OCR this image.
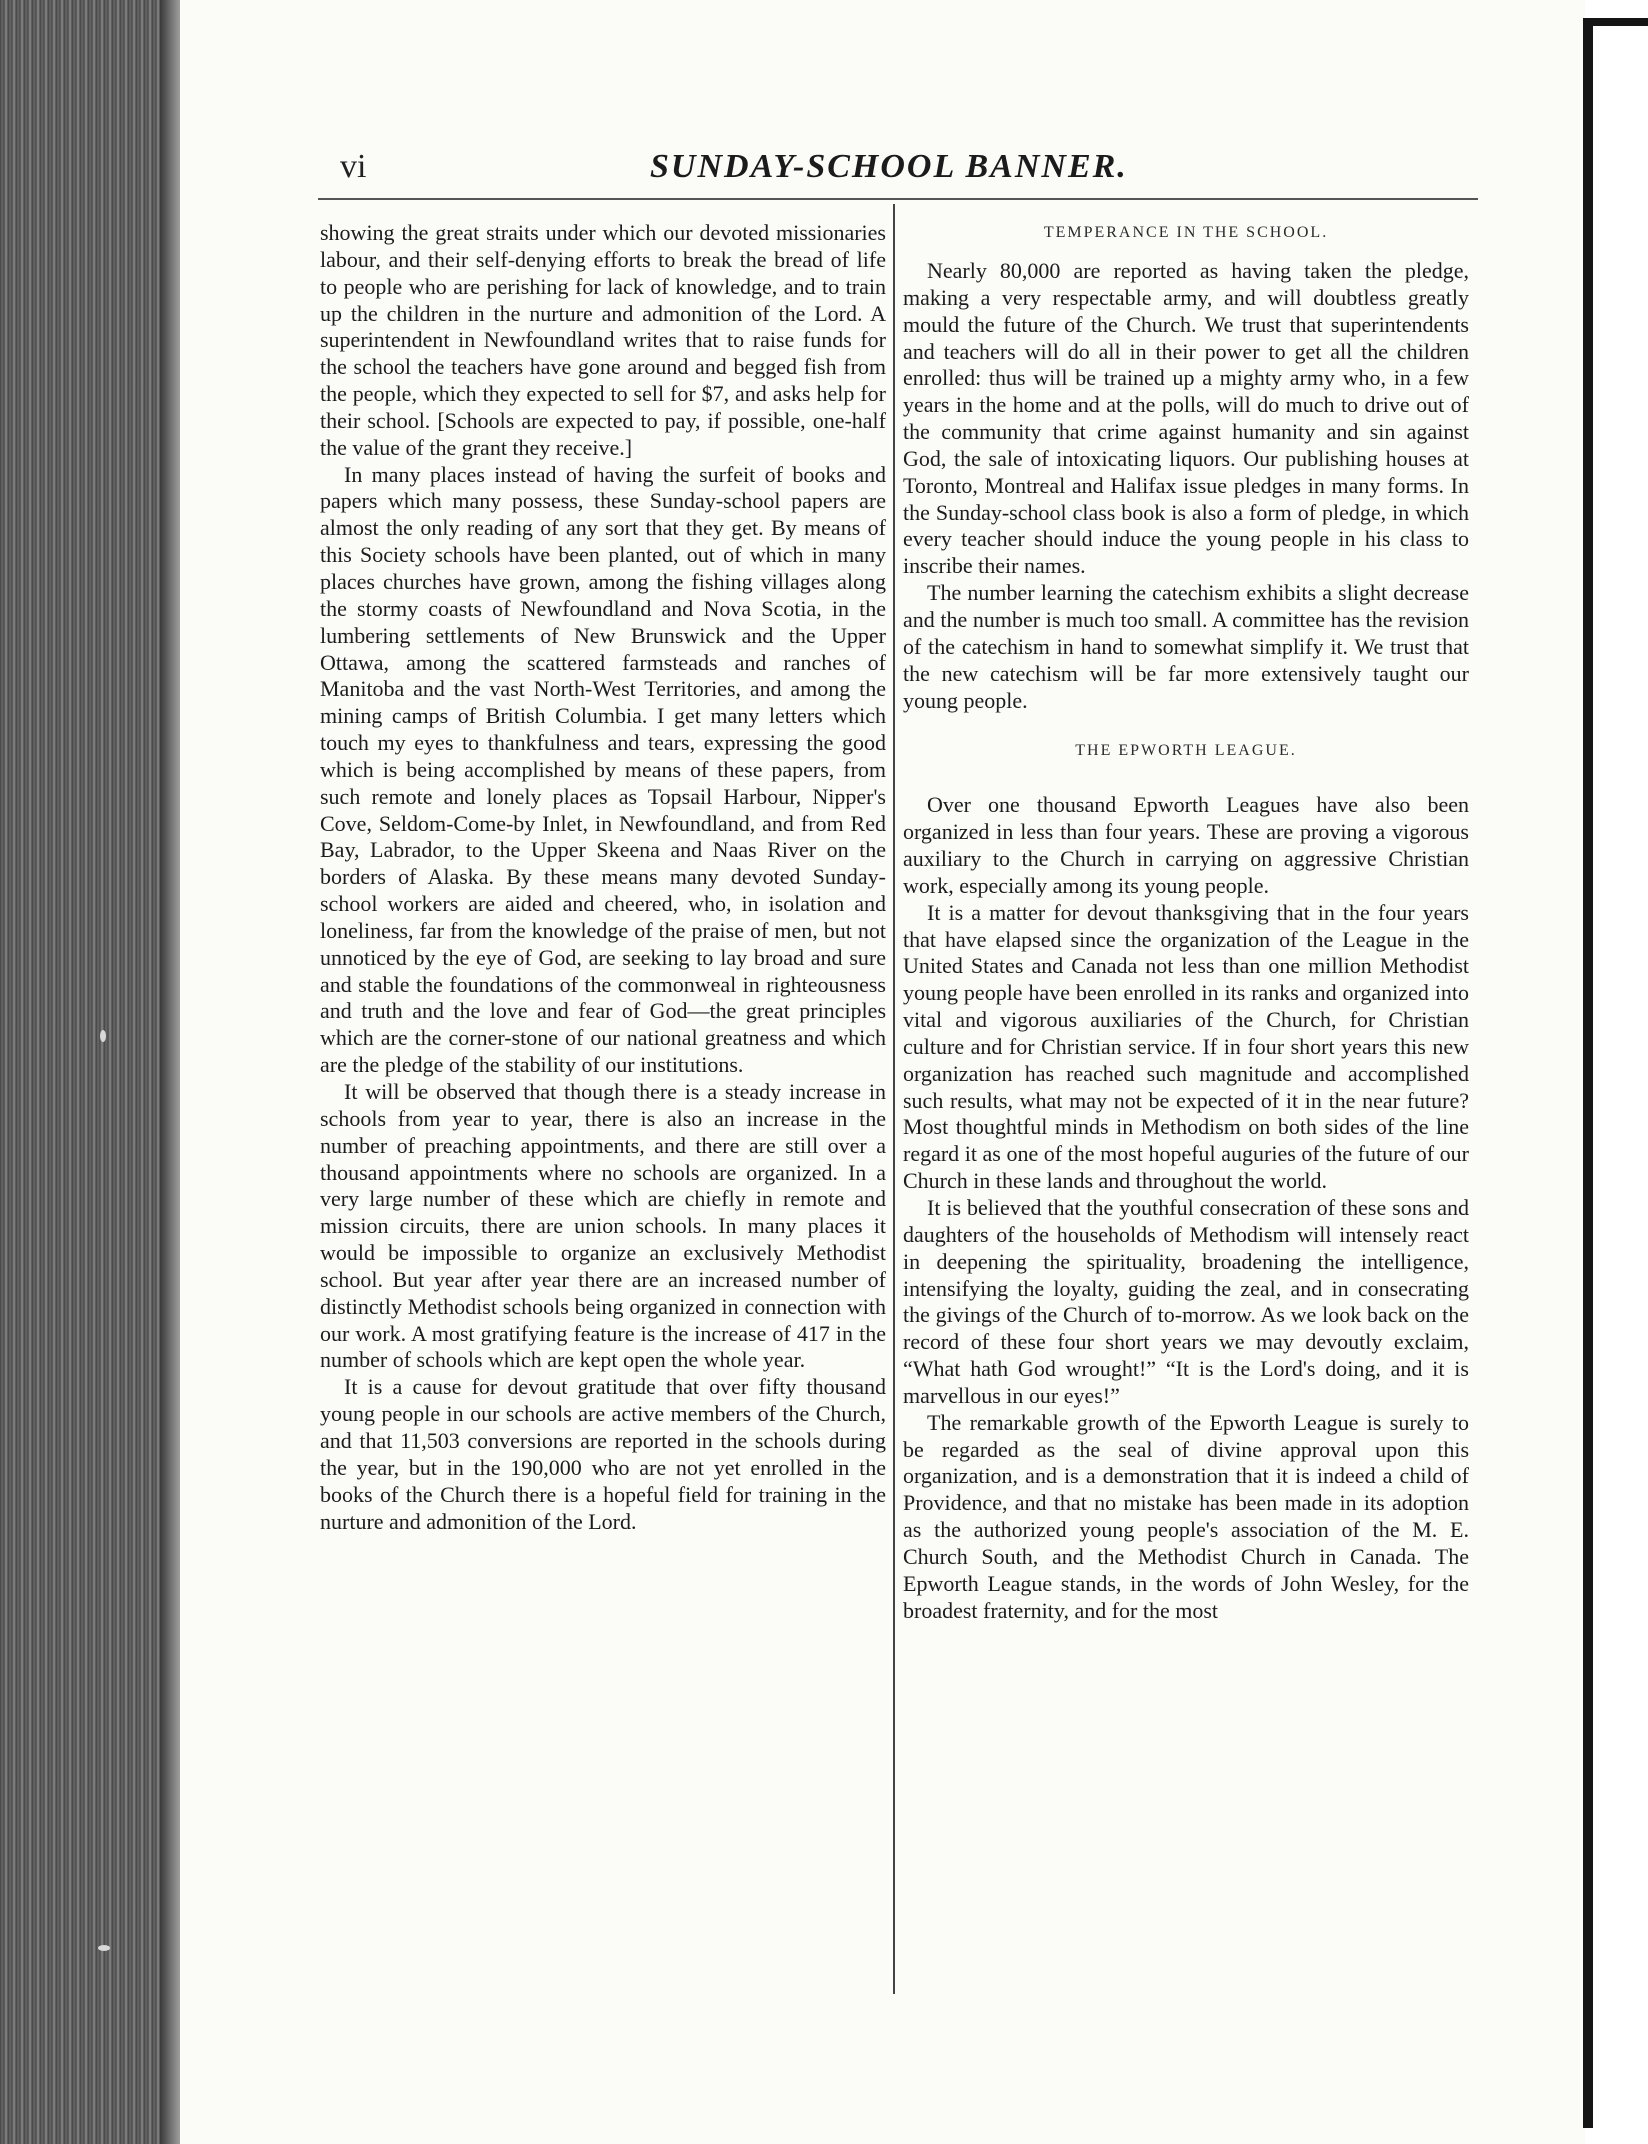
vi	SUNDAY-SCHOOL BANNER.

showing the great straits under which our devoted missionaries labour, and their self-denying efforts to break the bread of life to people who are perishing for lack of knowledge, and to train up the children in the nurture and admonition of the Lord. A superintendent in Newfoundland writes that to raise funds for the school the teachers have gone around and begged fish from the people, which they expected to sell for $7, and asks help for their school. [Schools are expected to pay, if possible, one-half the value of the grant they receive.]

In many places instead of having the surfeit of books and papers which many possess, these Sunday-school papers are almost the only reading of any sort that they get. By means of this Society schools have been planted, out of which in many places churches have grown, among the fishing villages along the stormy coasts of Newfoundland and Nova Scotia, in the lumbering settlements of New Brunswick and the Upper Ottawa, among the scattered farmsteads and ranches of Manitoba and the vast North-West Territories, and among the mining camps of British Columbia. I get many letters which touch my eyes to thankfulness and tears, expressing the good which is being accomplished by means of these papers, from such remote and lonely places as Topsail Harbour, Nipper's Cove, Seldom-Come-by Inlet, in Newfoundland, and from Red Bay, Labrador, to the Upper Skeena and Naas River on the borders of Alaska. By these means many devoted Sunday-school workers are aided and cheered, who, in isolation and loneliness, far from the knowledge of the praise of men, but not unnoticed by the eye of God, are seeking to lay broad and sure and stable the foundations of the commonweal in righteousness and truth and the love and fear of God—the great principles which are the corner-stone of our national greatness and which are the pledge of the stability of our institutions.

It will be observed that though there is a steady increase in schools from year to year, there is also an increase in the number of preaching appointments, and there are still over a thousand appointments where no schools are organized. In a very large number of these which are chiefly in remote and mission circuits, there are union schools. In many places it would be impossible to organize an exclusively Methodist school. But year after year there are an increased number of distinctly Methodist schools being organized in connection with our work. A most gratifying feature is the increase of 417 in the number of schools which are kept open the whole year.

It is a cause for devout gratitude that over fifty thousand young people in our schools are active members of the Church, and that 11,503 conversions are reported in the schools during the year, but in the 190,000 who are not yet enrolled in the books of the Church there is a hopeful field for training in the nurture and admonition of the Lord.

TEMPERANCE IN THE SCHOOL.

Nearly 80,000 are reported as having taken the pledge, making a very respectable army, and will doubtless greatly mould the future of the Church. We trust that superintendents and teachers will do all in their power to get all the children enrolled: thus will be trained up a mighty army who, in a few years in the home and at the polls, will do much to drive out of the community that crime against humanity and sin against God, the sale of intoxicating liquors. Our publishing houses at Toronto, Montreal and Halifax issue pledges in many forms. In the Sunday-school class book is also a form of pledge, in which every teacher should induce the young people in his class to inscribe their names.

The number learning the catechism exhibits a slight decrease and the number is much too small. A committee has the revision of the catechism in hand to somewhat simplify it. We trust that the new catechism will be far more extensively taught our young people.

THE EPWORTH LEAGUE.

Over one thousand Epworth Leagues have also been organized in less than four years. These are proving a vigorous auxiliary to the Church in carrying on aggressive Christian work, especially among its young people.

It is a matter for devout thanksgiving that in the four years that have elapsed since the organization of the League in the United States and Canada not less than one million Methodist young people have been enrolled in its ranks and organized into vital and vigorous auxiliaries of the Church, for Christian culture and for Christian service. If in four short years this new organization has reached such magnitude and accomplished such results, what may not be expected of it in the near future? Most thoughtful minds in Methodism on both sides of the line regard it as one of the most hopeful auguries of the future of our Church in these lands and throughout the world.

It is believed that the youthful consecration of these sons and daughters of the households of Methodism will intensely react in deepening the spirituality, broadening the intelligence, intensifying the loyalty, guiding the zeal, and in consecrating the givings of the Church of to-morrow. As we look back on the record of these four short years we may devoutly exclaim, “What hath God wrought!” “It is the Lord's doing, and it is marvellous in our eyes!”

The remarkable growth of the Epworth League is surely to be regarded as the seal of divine approval upon this organization, and is a demonstration that it is indeed a child of Providence, and that no mistake has been made in its adoption as the authorized young people's association of the M. E. Church South, and the Methodist Church in Canada. The Epworth League stands, in the words of John Wesley, for the broadest fraternity, and for the most
